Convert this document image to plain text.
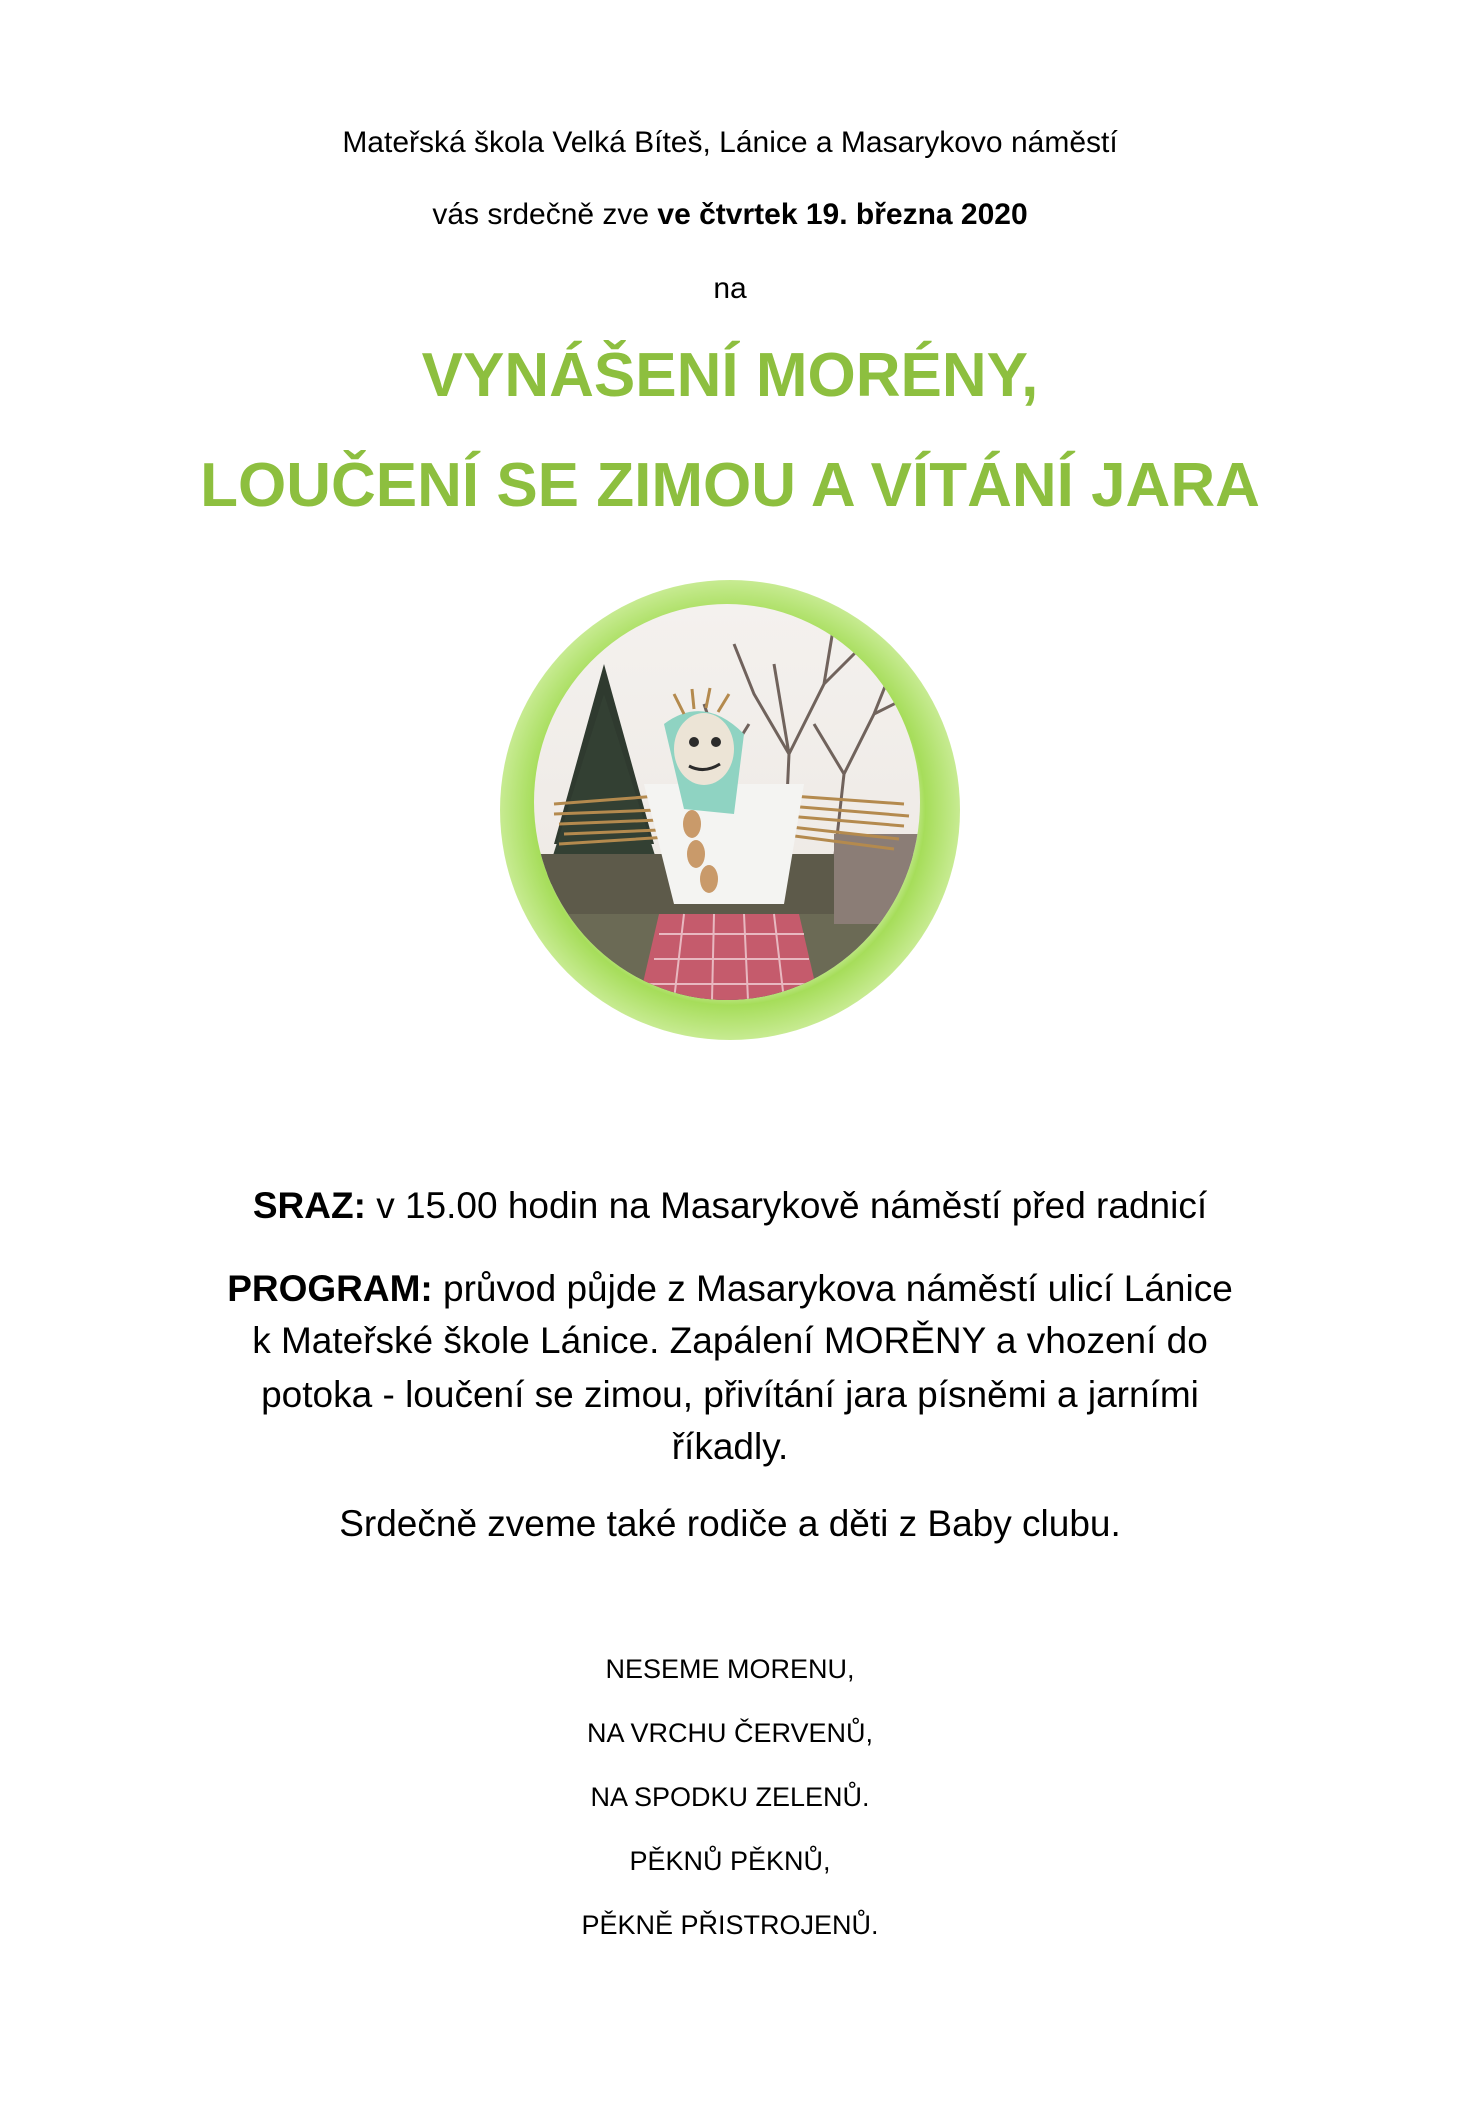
Mateřská škola Velká Bíteš, Lánice a Masarykovo náměstí
vás srdečně zve ve čtvrtek 19. března 2020
na
VYNÁŠENÍ MORÉNY,
LOUČENÍ SE ZIMOU A VÍTÁNÍ JARA
SRAZ: v 15.00 hodin na Masarykově náměstí před radnicí
PROGRAM: průvod půjde z Masarykova náměstí ulicí Lánice
k Mateřské škole Lánice. Zapálení MORĚNY a vhození do
potoka - loučení se zimou, přivítání jara písněmi a jarními
říkadly.
Srdečně zveme také rodiče a děti z Baby clubu.
NESEME MORENU,
NA VRCHU ČERVENŮ,
NA SPODKU ZELENŮ.
PĚKNŮ PĚKNŮ,
PĚKNĚ PŘISTROJENŮ.
